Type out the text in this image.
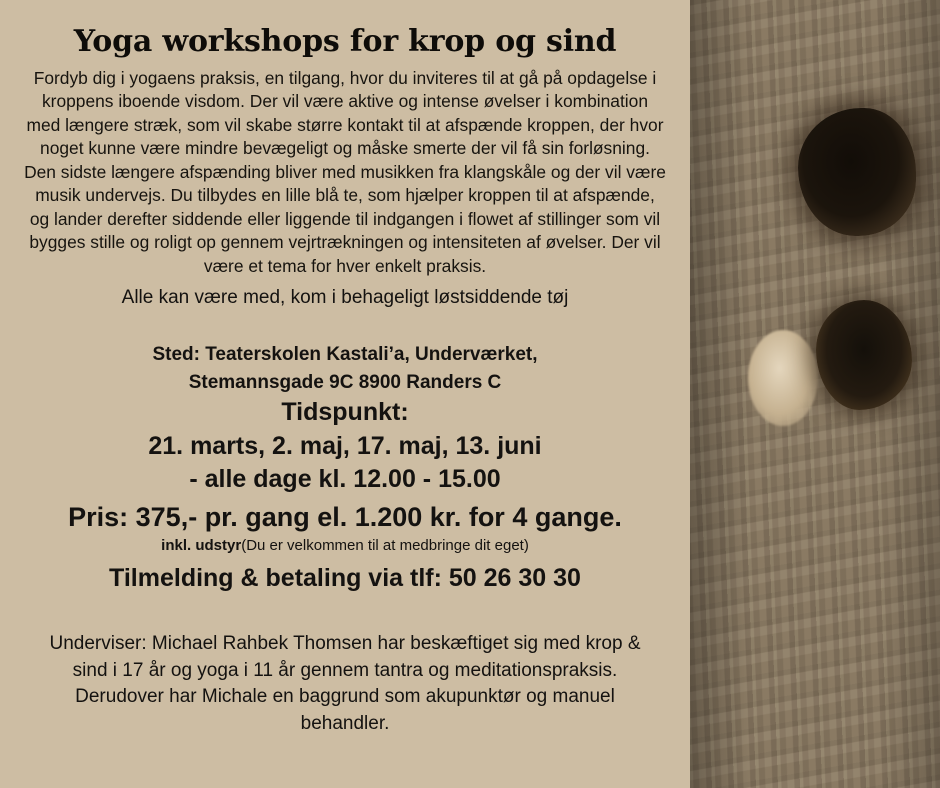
Yoga workshops for krop og sind

Fordyb dig i yogaens praksis, en tilgang, hvor du inviteres til at gå på opdagelse i kroppens iboende visdom. Der vil være aktive og intense øvelser i kombination med længere stræk, som vil skabe større kontakt til at afspænde kroppen, der hvor noget kunne være mindre bevægeligt og måske smerte der vil få sin forløsning. Den sidste længere afspænding bliver med musikken fra klangskåle og der vil være musik undervejs. Du tilbydes en lille blå te, som hjælper kroppen til at afspænde, og lander derefter siddende eller liggende til indgangen i flowet af stillinger som vil bygges stille og roligt op gennem vejrtrækningen og intensiteten af øvelser. Der vil være et tema for hver enkelt praksis.

Alle kan være med, kom i behageligt løstsiddende tøj

Sted: Teaterskolen Kastali’a, Underværket,

Stemannsgade 9C 8900 Randers C

Tidspunkt:

21. marts, 2. maj, 17. maj, 13. juni

- alle dage kl. 12.00 - 15.00

Pris: 375,- pr. gang el. 1.200 kr. for 4 gange.

inkl. udstyr(Du er velkommen til at medbringe dit eget)

Tilmelding & betaling via tlf: 50 26 30 30

Underviser: Michael Rahbek Thomsen har beskæftiget sig med krop & sind i 17 år og yoga i 11 år gennem tantra og meditationspraksis. Derudover har Michale en baggrund som akupunktør og manuel behandler.
